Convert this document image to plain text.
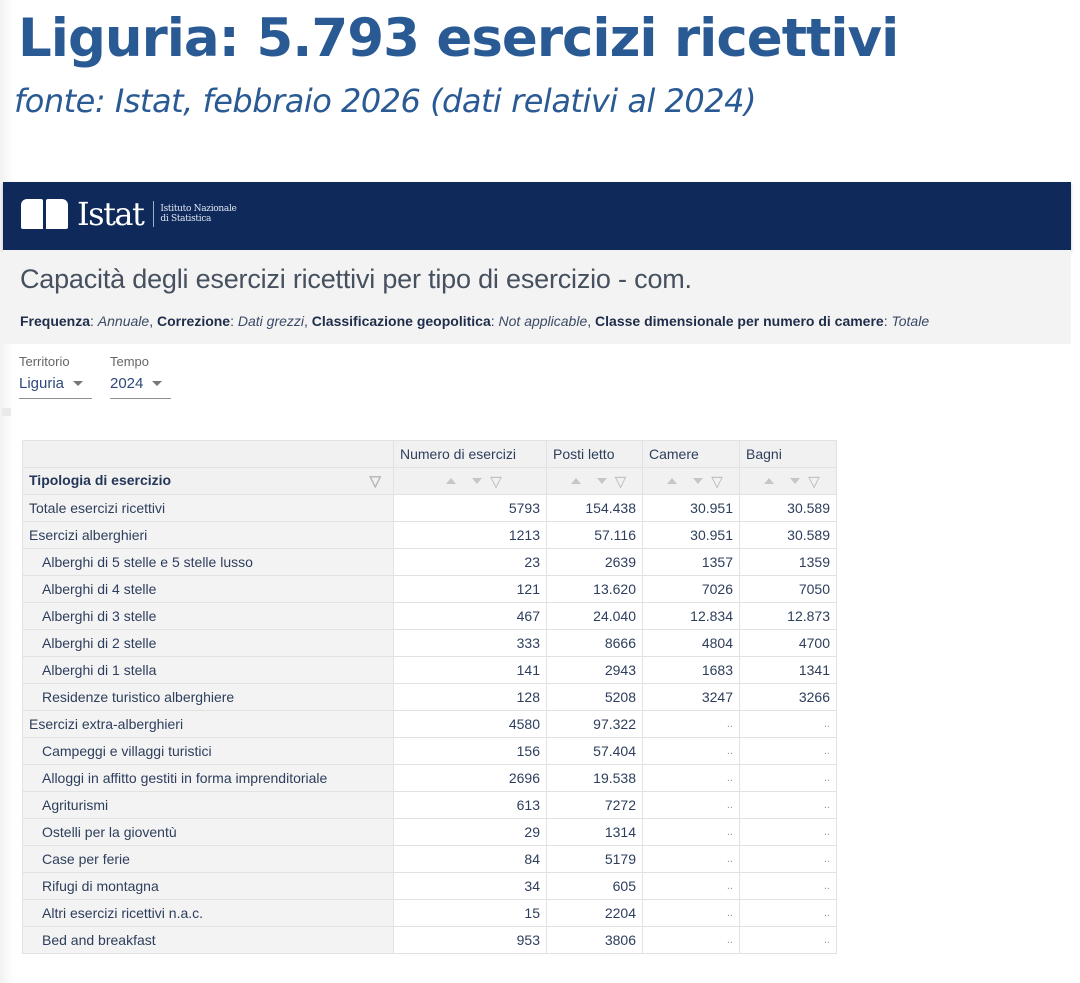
Liguria: 5.793 esercizi ricettivi
fonte: Istat, febbraio 2026 (dati relativi al 2024)
Istat Istituto Nazionale
di Statistica
Capacità degli esercizi ricettivi per tipo di esercizio - com.
Frequenza: Annuale, Correzione: Dati grezzi, Classificazione geopolitica: Not applicable, Classe dimensionale per numero di camere: Totale
Territorio
Liguria
Tempo
2024
	Numero di esercizi	Posti letto	Camere	Bagni
Tipologia di esercizio ▽	▽	▽	▽	▽
Totale esercizi ricettivi	5793	154.438	30.951	30.589
Esercizi alberghieri	1213	57.116	30.951	30.589
Alberghi di 5 stelle e 5 stelle lusso	23	2639	1357	1359
Alberghi di 4 stelle	121	13.620	7026	7050
Alberghi di 3 stelle	467	24.040	12.834	12.873
Alberghi di 2 stelle	333	8666	4804	4700
Alberghi di 1 stella	141	2943	1683	1341
Residenze turistico alberghiere	128	5208	3247	3266
Esercizi extra-alberghieri	4580	97.322	..	..
Campeggi e villaggi turistici	156	57.404	..	..
Alloggi in affitto gestiti in forma imprenditoriale	2696	19.538	..	..
Agriturismi	613	7272	..	..
Ostelli per la gioventù	29	1314	..	..
Case per ferie	84	5179	..	..
Rifugi di montagna	34	605	..	..
Altri esercizi ricettivi n.a.c.	15	2204	..	..
Bed and breakfast	953	3806	..	..
